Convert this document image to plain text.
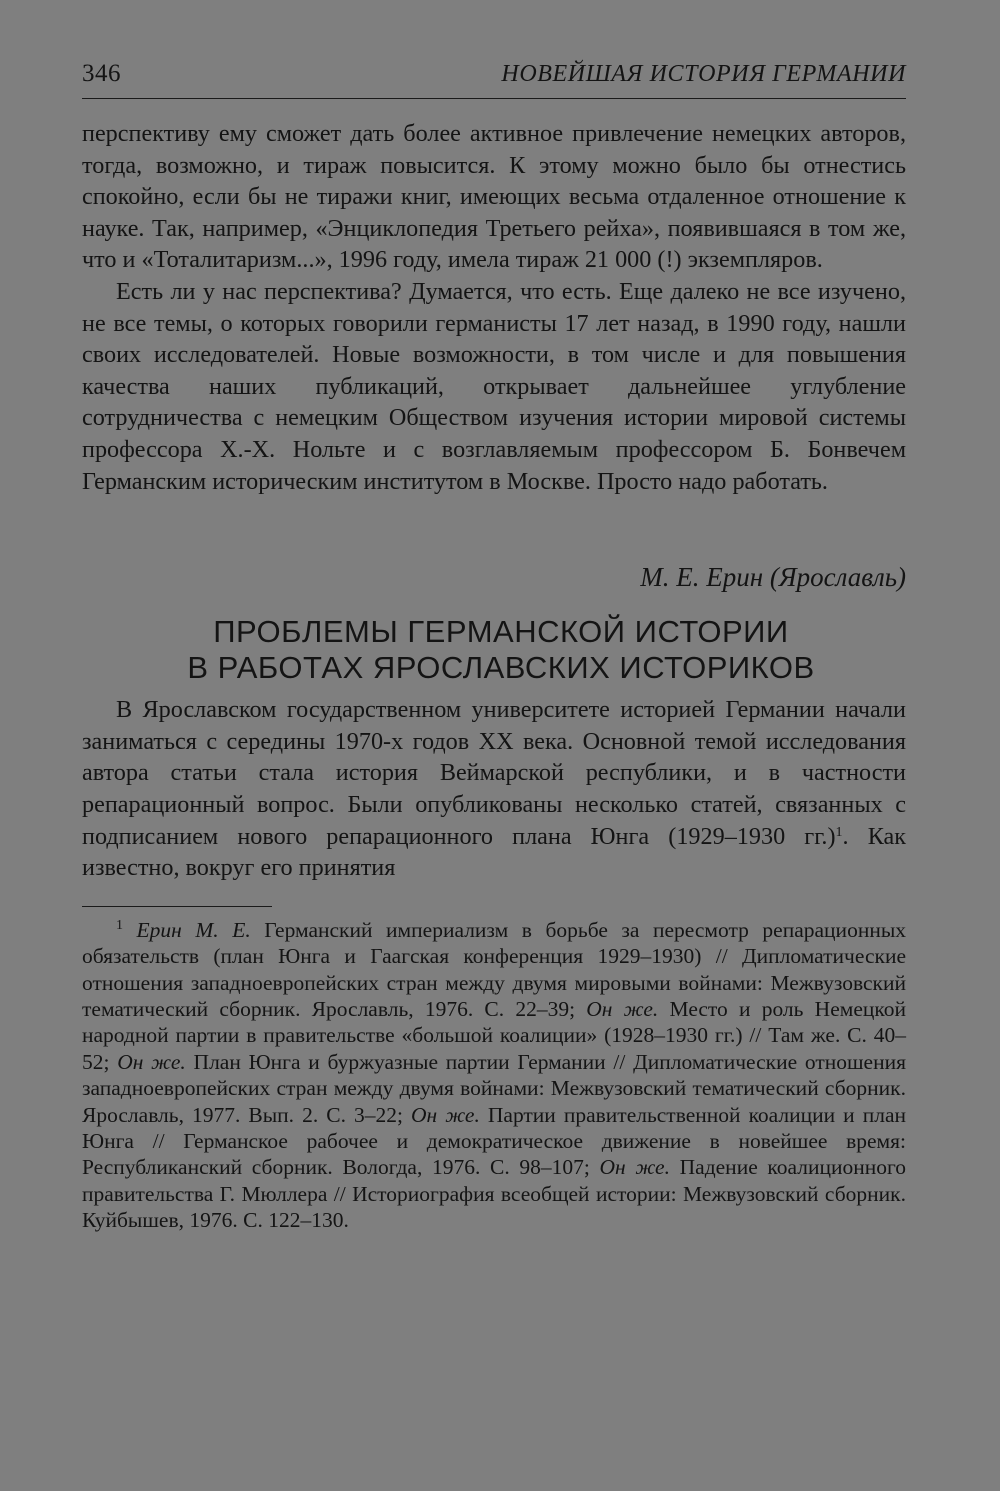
346	НОВЕЙШАЯ ИСТОРИЯ ГЕРМАНИИ

перспективу ему сможет дать более активное привлечение немецких авторов, тогда, возможно, и тираж повысится. К этому можно было бы отнестись спокойно, если бы не тиражи книг, имеющих весьма отдаленное отношение к науке. Так, например, «Энциклопедия Третьего рейха», появившаяся в том же, что и «Тоталитаризм...», 1996 году, имела тираж 21 000 (!) экземпляров.

Есть ли у нас перспектива? Думается, что есть. Еще далеко не все изучено, не все темы, о которых говорили германисты 17 лет назад, в 1990 году, нашли своих исследователей. Новые возможности, в том числе и для повышения качества наших публикаций, открывает дальнейшее углубление сотрудничества с немецким Обществом изучения истории мировой системы профессора Х.-Х. Нольте и с возглавляемым профессором Б. Бонвечем Германским историческим институтом в Москве. Просто надо работать.

М. Е. Ерин (Ярославль)
ПРОБЛЕМЫ ГЕРМАНСКОЙ ИСТОРИИ
В РАБОТАХ ЯРОСЛАВСКИХ ИСТОРИКОВ

В Ярославском государственном университете историей Германии начали заниматься с середины 1970-х годов XX века. Основной темой исследования автора статьи стала история Веймарской республики, и в частности репарационный вопрос. Были опубликованы несколько статей, связанных с подписанием нового репарационного плана Юнга (1929–1930 гг.)$^1$. Как известно, вокруг его принятия

$^1$ Ерин М. Е. Германский империализм в борьбе за пересмотр репарационных обязательств (план Юнга и Гаагская конференция 1929–1930) // Дипломатические отношения западноевропейских стран между двумя мировыми войнами: Межвузовский тематический сборник. Ярославль, 1976. С. 22–39; Он же. Место и роль Немецкой народной партии в правительстве «большой коалиции» (1928–1930 гг.) // Там же. С. 40–52; Он же. План Юнга и буржуазные партии Германии // Дипломатические отношения западноевропейских стран между двумя войнами: Межвузовский тематический сборник. Ярославль, 1977. Вып. 2. С. 3–22; Он же. Партии правительственной коалиции и план Юнга // Германское рабочее и демократическое движение в новейшее время: Республиканский сборник. Вологда, 1976. С. 98–107; Он же. Падение коалиционного правительства Г. Мюллера // Историография всеобщей истории: Межвузовский сборник. Куйбышев, 1976. С. 122–130.
